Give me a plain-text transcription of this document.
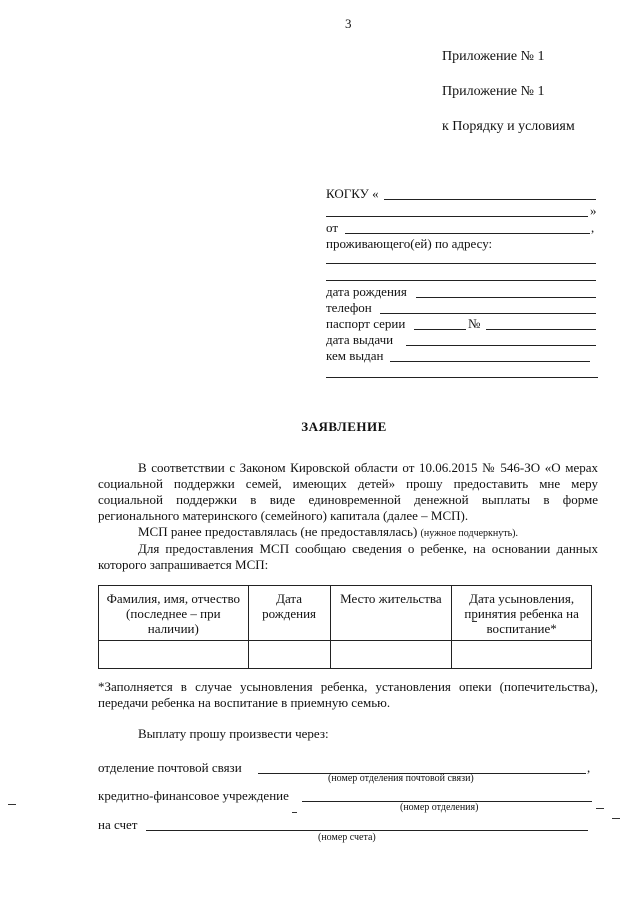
3
Приложение № 1
Приложение № 1
к Порядку и условиям
КОГКУ «
»
от	,
проживающего(ей) по адресу:
дата рождения
телефон
паспорт серии	№
дата выдачи
кем выдан
ЗАЯВЛЕНИЕ
В соответствии с Законом Кировской области от 10.06.2015 № 546-ЗО «О мерах социальной поддержки семей, имеющих детей» прошу предоставить мне меру социальной поддержки в виде единовременной денежной выплаты в форме регионального материнского (семейного) капитала (далее – МСП).
МСП ранее предоставлялась (не предоставлялась) (нужное подчеркнуть).
Для предоставления МСП сообщаю сведения о ребенке, на основании данных которого запрашивается МСП:
Фамилия, имя, отчество (последнее – при наличии)	Дата рождения	Место жительства	Дата усыновления, принятия ребенка на воспитание*

*Заполняется в случае усыновления ребенка, установления опеки (попечительства), передачи ребенка на воспитание в приемную семью.
Выплату прошу произвести через:
отделение почтовой связи	,
(номер отделения почтовой связи)
кредитно-финансовое учреждение
(номер отделения)
на счет
(номер счета)
